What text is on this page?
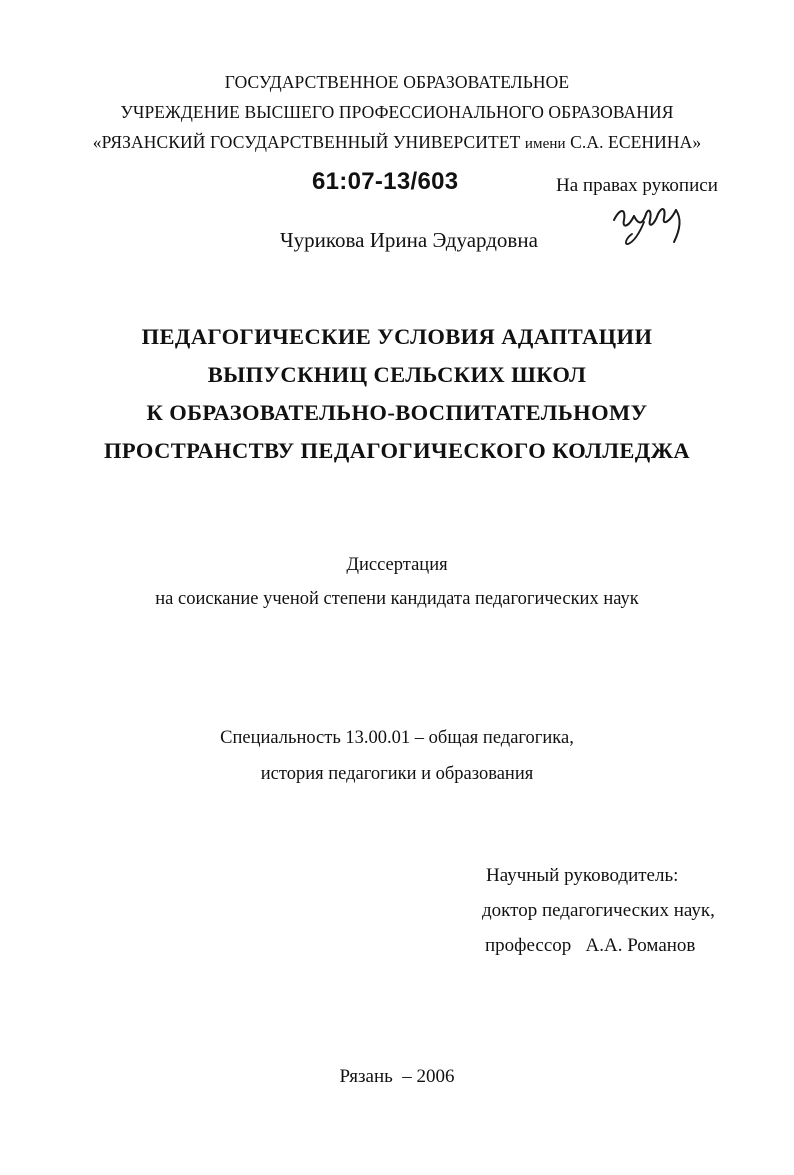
ГОСУДАРСТВЕННОЕ ОБРАЗОВАТЕЛЬНОЕ
УЧРЕЖДЕНИЕ ВЫСШЕГО ПРОФЕССИОНАЛЬНОГО ОБРАЗОВАНИЯ
«РЯЗАНСКИЙ ГОСУДАРСТВЕННЫЙ УНИВЕРСИТЕТ имени С.А. ЕСЕНИНА»
61:07-13/603	На правах рукописи
Чурикова Ирина Эдуардовна
ПЕДАГОГИЧЕСКИЕ УСЛОВИЯ АДАПТАЦИИ
ВЫПУСКНИЦ СЕЛЬСКИХ ШКОЛ
К ОБРАЗОВАТЕЛЬНО-ВОСПИТАТЕЛЬНОМУ
ПРОСТРАНСТВУ ПЕДАГОГИЧЕСКОГО КОЛЛЕДЖА
Диссертация
на соискание ученой степени кандидата педагогических наук
Специальность 13.00.01 – общая педагогика,
история педагогики и образования
Научный руководитель:
доктор педагогических наук,
профессор   А.А. Романов
Рязань  – 2006
